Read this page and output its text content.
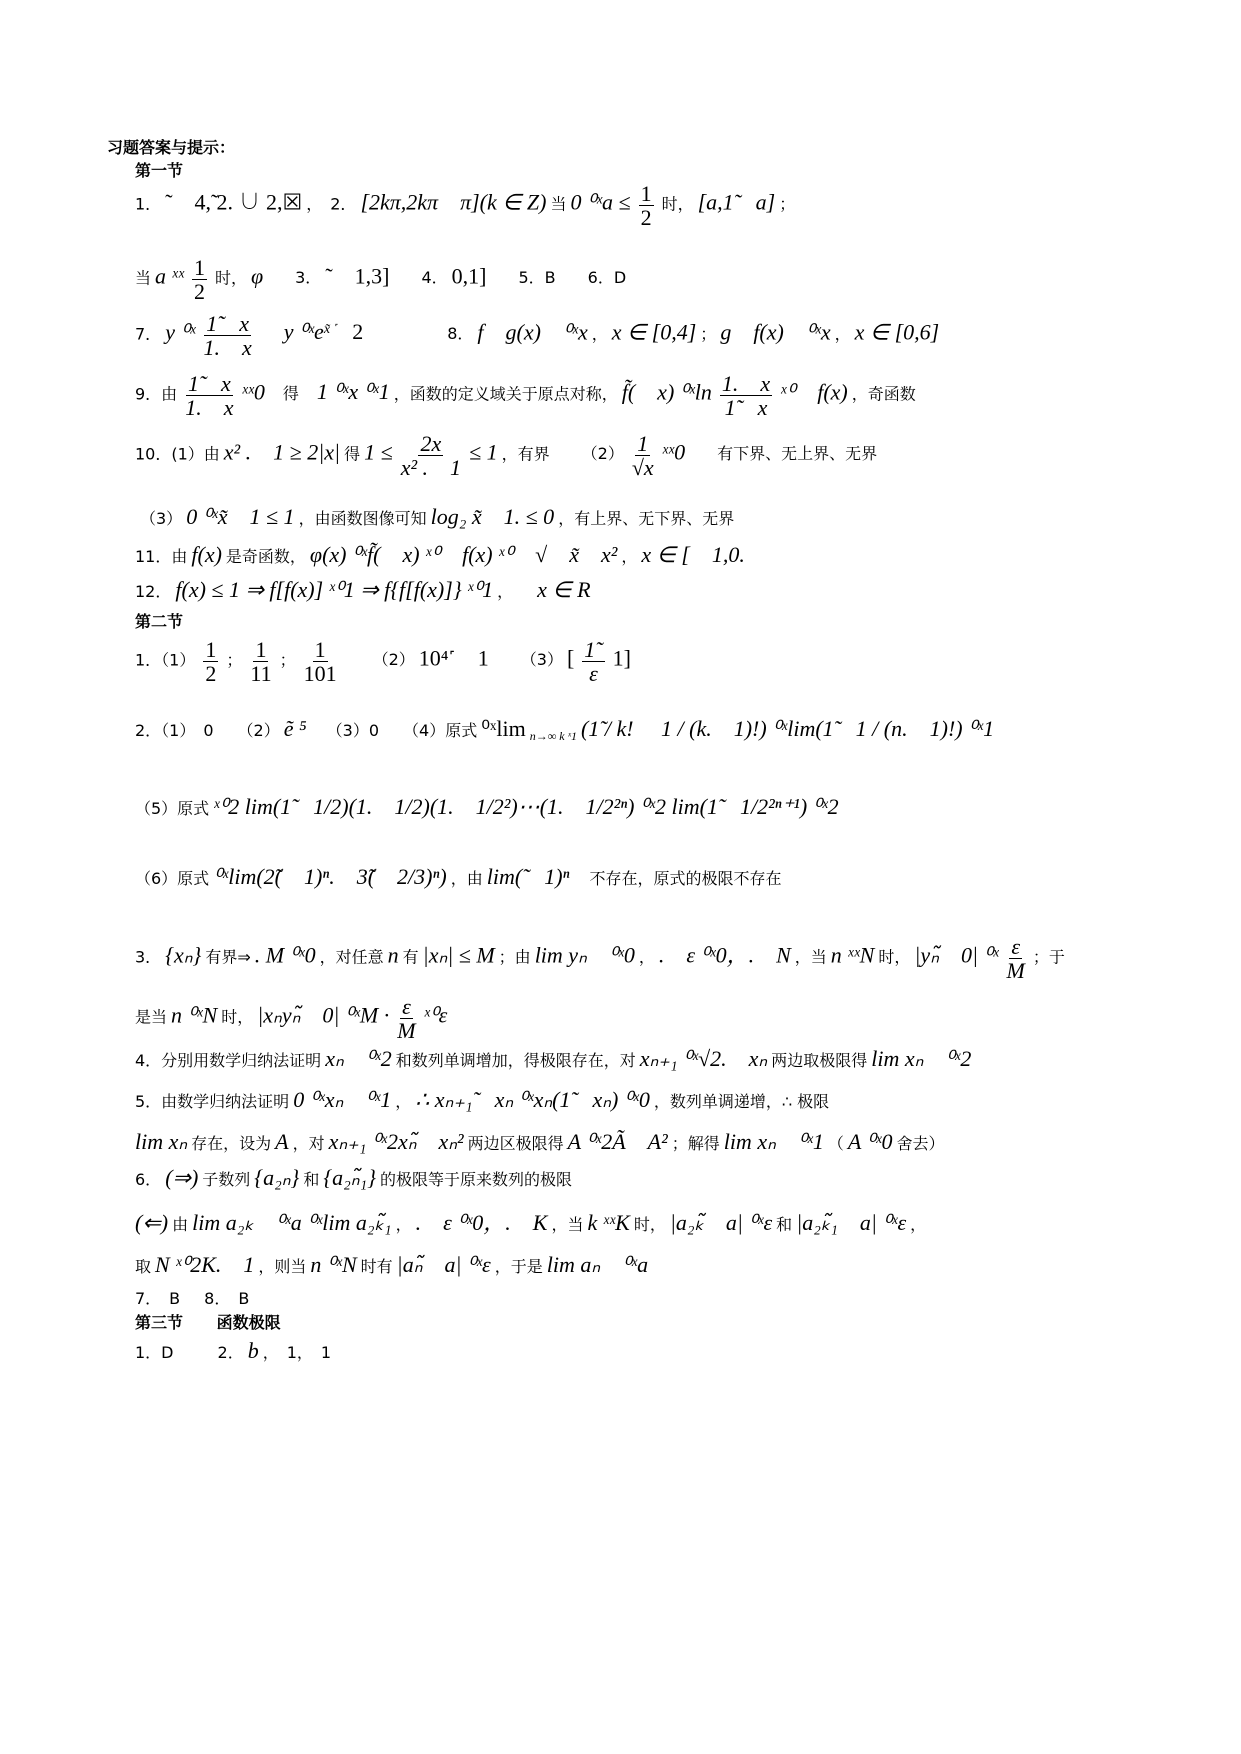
习题答案与提示：
第一节
1． ˜　4,̃ 2. ∪ 2,☒ ，　2． [2kπ,2kπ　π](k ∈ Z) 当 0 ⁰ˣa ≤ $\frac{1}{2}$ 时， [a,1̃　a] ；
当 a ˣˣ $\frac{1}{2}$ 时， φ 3． ˜　1,3] 4． 0,1] 5．B 6．D
7． y ⁰ˣ $\frac{1̃ x}{1. x}$ y ⁰ˣe$^{x̃ ˹}$ 2	8． f　g(x)　⁰ˣx ， x ∈ [0,4] ； g　f(x)　⁰ˣx ， x ∈ [0,6]
9．由 $\frac{1̃ x}{1. x}$ ˣˣ0 得 1 ⁰ˣx ⁰ˣ1 ，函数的定义域关于原点对称， f̃(　x) ⁰ˣln $\frac{1. x}{1̃ x}$ ˣ⁰　f(x) ，奇函数
10．(1）由 x² .　1 ≥ 2|x| 得 $1 \le \frac{2x}{\text{x² .　1}} \le 1$ ，有界 $(2) \frac{1}{√x}$ ˣˣ0 有下界、无上界、无界
（3） 0 ⁰ˣx̃　1 ≤ 1 ，由函数图像可知 log₂ x̃　1. ≤ 0 ，有上界、无下界、无界
11．由 f(x) 是奇函数， φ(x) ⁰ˣf̃(　x) ˣ⁰　f(x) ˣ⁰　√　x̃　x² ， x ∈ [　1,0.
12． f(x) ≤ 1 ⇒ f[f(x)] ˣ⁰1 ⇒ f{f[f(x)]} ˣ⁰1 ， x ∈ R
第二节
1．$(1) \frac{1}{2}$ ； $\frac{1}{11}$ ； $\frac{1}{101} (2)$ 10⁴˹　1 （3） [ $\frac{1˜}{\varepsilon} 1$]
2．（1）　0　　（2） ẽ ⁵ （3）0　　（4）原式 ⁰ˣlim $_{n\to\infty k ˣ1}$ (1̃ / k! 　1 / (k.　1)!) ⁰ˣlim(1̃　1 / (n.　1)!) ⁰ˣ1
（5）原式 ˣ⁰2 lim(1̃　1/2)(1.　1/2)(1.　1/2²)⋯(1.　1/2²ⁿ) ⁰ˣ2 lim(1̃　1/2²ⁿ⁺¹) ⁰ˣ2
（6）原式 ⁰ˣlim(2̃(　1)ⁿ.　3̃(　2/3)ⁿ) ，由 lim(̃　1)ⁿ 不存在，原式的极限不存在
3． {xₙ} 有界⇒ . M ⁰ˣ0 ，对任意 n 有 |xₙ| ≤ M ；由 lim yₙ　⁰ˣ0 ， .　ε ⁰ˣ0，.　N ，当 n ˣˣN 时， |yₙ̃　0| ⁰ˣ $\frac{\varepsilon}{M}$ ；于
是当 n ⁰ˣN 时， |xₙyₙ̃　0| ⁰ˣM · $\frac{\varepsilon}{M}$ ˣ⁰ε
4．分别用数学归纳法证明 xₙ　⁰ˣ2 和数列单调增加，得极限存在，对 xₙ₊₁ ⁰ˣ√2.　xₙ 两边取极限得 lim xₙ　⁰ˣ2
5．由数学归纳法证明 0 ⁰ˣxₙ　⁰ˣ1 ， ∴ xₙ₊₁̃　xₙ ⁰ˣxₙ(1̃　xₙ) ⁰ˣ0 ，数列单调递增，∴ 极限
lim xₙ 存在，设为 A ，对 xₙ₊₁ ⁰ˣ2xₙ̃　xₙ² 两边区极限得 A ⁰ˣ2Ã　A² ；解得 lim xₙ　⁰ˣ1 （ A ⁰ˣ0 舍去）
6． (⇒) 子数列 {a₂ₙ} 和 {a₂ₙ̃₁} 的极限等于原来数列的极限
(⇐) 由 lim a₂ₖ　⁰ˣa ⁰ˣlim a₂ₖ̃₁ ， .　ε ⁰ˣ0，.　K ，当 k ˣˣK 时， |a₂ₖ̃　a| ⁰ˣε 和 |a₂ₖ̃₁　a| ⁰ˣε ，
取 N ˣ⁰2K.　1 ，则当 n ⁰ˣN 时有 |aₙ̃　a| ⁰ˣε ，于是 lim aₙ　⁰ˣa
7．　B 8．　B
第三节 函数极限
1．D	2． b ，　1，　1
